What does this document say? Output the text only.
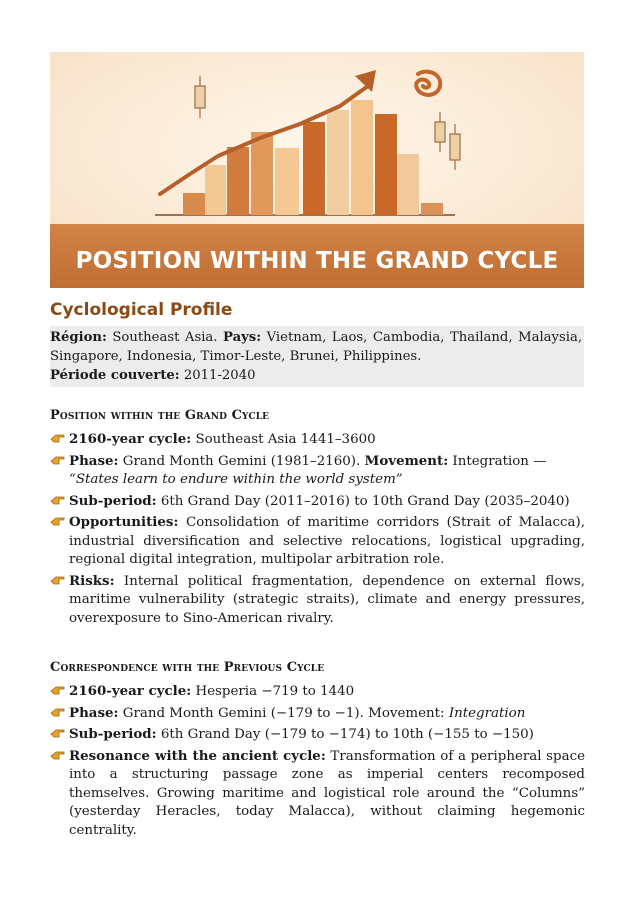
POSITION WITHIN THE GRAND CYCLE
Cyclological Profile
Région: Southeast Asia. Pays: Vietnam, Laos, Cambodia, Thailand, Malaysia, Singapore, Indonesia, Timor-Leste, Brunei, Philippines.
Période couverte: 2011-2040
Position within the Grand Cycle
2160-year cycle: Southeast Asia 1441–3600
Phase: Grand Month Gemini (1981–2160). Movement: Integration —
“States learn to endure within the world system”
Sub-period: 6th Grand Day (2011–2016) to 10th Grand Day (2035–2040)
Opportunities: Consolidation of maritime corridors (Strait of Malacca), industrial diversification and selective relocations, logistical upgrading, regional digital integration, multipolar arbitration role.
Risks: Internal political fragmentation, dependence on external flows, maritime vulnerability (strategic straits), climate and energy pressures, overexposure to Sino-American rivalry.
Correspondence with the Previous Cycle
2160-year cycle: Hesperia −719 to 1440
Phase: Grand Month Gemini (−179 to −1). Movement: Integration
Sub-period: 6th Grand Day (−179 to −174) to 10th (−155 to −150)
Resonance with the ancient cycle: Transformation of a peripheral space into a structuring passage zone as imperial centers recomposed themselves. Growing maritime and logistical role around the “Columns” (yesterday Heracles, today Malacca), without claiming hegemonic centrality.
